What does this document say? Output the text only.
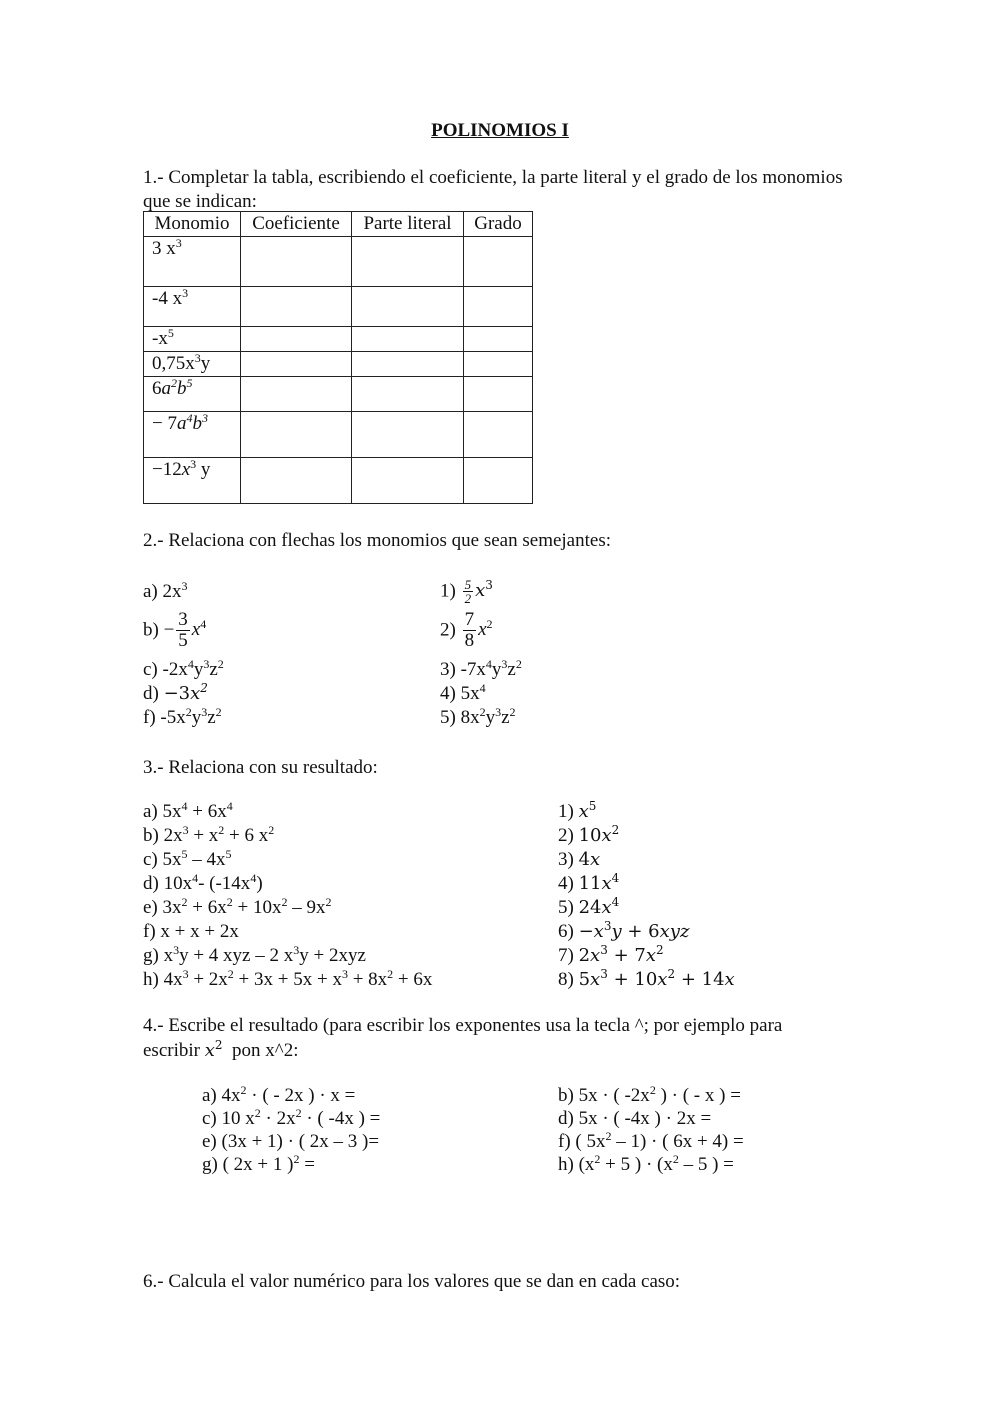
POLINOMIOS I
1.- Completar la tabla, escribiendo el coeficiente, la parte literal y el grado de los monomios que se indican:
Monomio	Coeficiente	Parte literal	Grado
3 $x^3$			
-4 $x^3$			
$-x^5$			
$0,75x^3y$			
$6a^2b^5$			
− $7a^4b^3$			
$-12x^3$ y			
2.- Relaciona con flechas los monomios que sean semejantes:
a) $2x^3$
$b) - \frac{3}{5} x^4$
c) $-2x^4y^3z^2$
$d) -3x^2$
f) $-5x^2y^3z^2$
$1) \frac{5}{2} x^3$
$2) \frac{7}{8} x^2$
3) $-7x^4y^3z^2$
4) $5x^4$
5) $8x^2y^3z^2$
3.- Relaciona con su resultado:
a) $5x^4 + 6x^4$
b) $2x^3 + x^2 + 6$ $x^2$
c) $5x^5 - 4x^5$
d) $10x^4-$ $(-14x^4)$
e) $3x^2 + 6x^2 + 10x^2 - 9x^2$
f) x + x + 2x
g) $x^3y + 4$ xyz – 2 $x^3y + 2xyz$
h) $4x^3 + 2x^2 + 3x + 5x + x^3 + 8x^2 + 6x$
1) $x^5$
2) $10x^2$
3) 4x
4) $11x^4$
5) $24x^4$
$6) -x^3y + 6xyz$
7) $2x^3 + 7x^2$
8) $5x^3 + 10x^2 + 14x$
4.- Escribe el resultado (para escribir los exponentes usa la tecla ^; por ejemplo para
escribir $x^2$  pon x^2:
a) $4x^2$ · ( - 2x ) · x =
c) 10 $x^2 \cdot 2x^2$ · ( -4x ) =
e) (3x + 1) · ( 2x – 3 )=
g) ( 2x + 1 )$^2$ =
b) 5x · ( $-2x^2$ ) · ( - x ) =
d) 5x · ( -4x ) · 2x =
f) ( $5x^2 - 1$) · ( 6x + 4) =
h) ($x^2 + 5$ ) · ($x^2 - 5$ ) =
6.- Calcula el valor numérico para los valores que se dan en cada caso:
